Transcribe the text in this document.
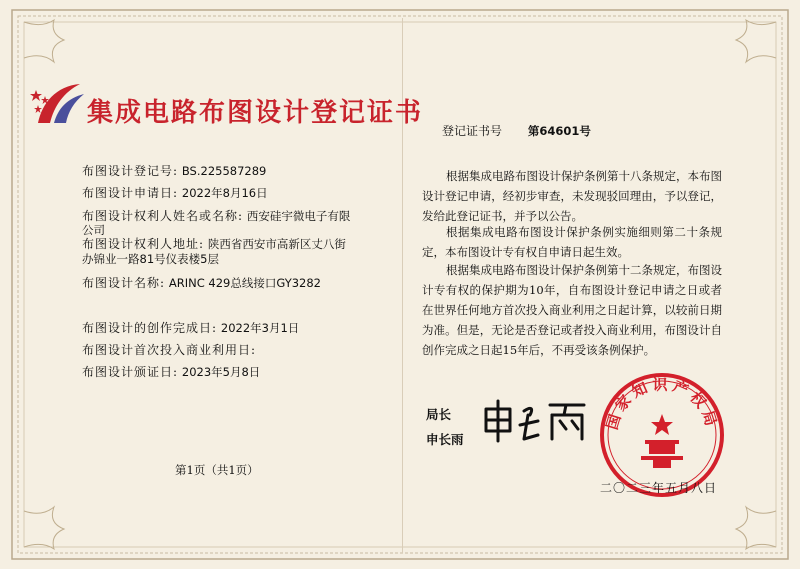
集成电路布图设计登记证书
布图设计登记号: BS.225587289
布图设计申请日: 2022年8月16日
布图设计权利人姓名或名称: 西安硅宇微电子有限
公司
布图设计权利人地址: 陕西省西安市高新区丈八街
办锦业一路81号仪表楼5层
布图设计名称: ARINC 429总线接口GY3282
布图设计的创作完成日: 2022年3月1日
布图设计首次投入商业利用日:
布图设计颁证日: 2023年5月8日
第1页（共1页）
登记证书号 第64601号
根据集成电路布图设计保护条例第十八条规定，本布图设计登记申请，经初步审查，未发现驳回理由，予以登记，发给此登记证书，并予以公告。
根据集成电路布图设计保护条例实施细则第二十条规定，本布图设计专有权自申请日起生效。
根据集成电路布图设计保护条例第十二条规定，布图设计专有权的保护期为10年，自布图设计登记申请之日或者在世界任何地方首次投入商业利用之日起计算，以较前日期为准。但是，无论是否登记或者投入商业利用，布图设计自创作完成之日起15年后，不再受该条例保护。
局长
申长雨
国家知识产权局
二〇二三年五月八日
